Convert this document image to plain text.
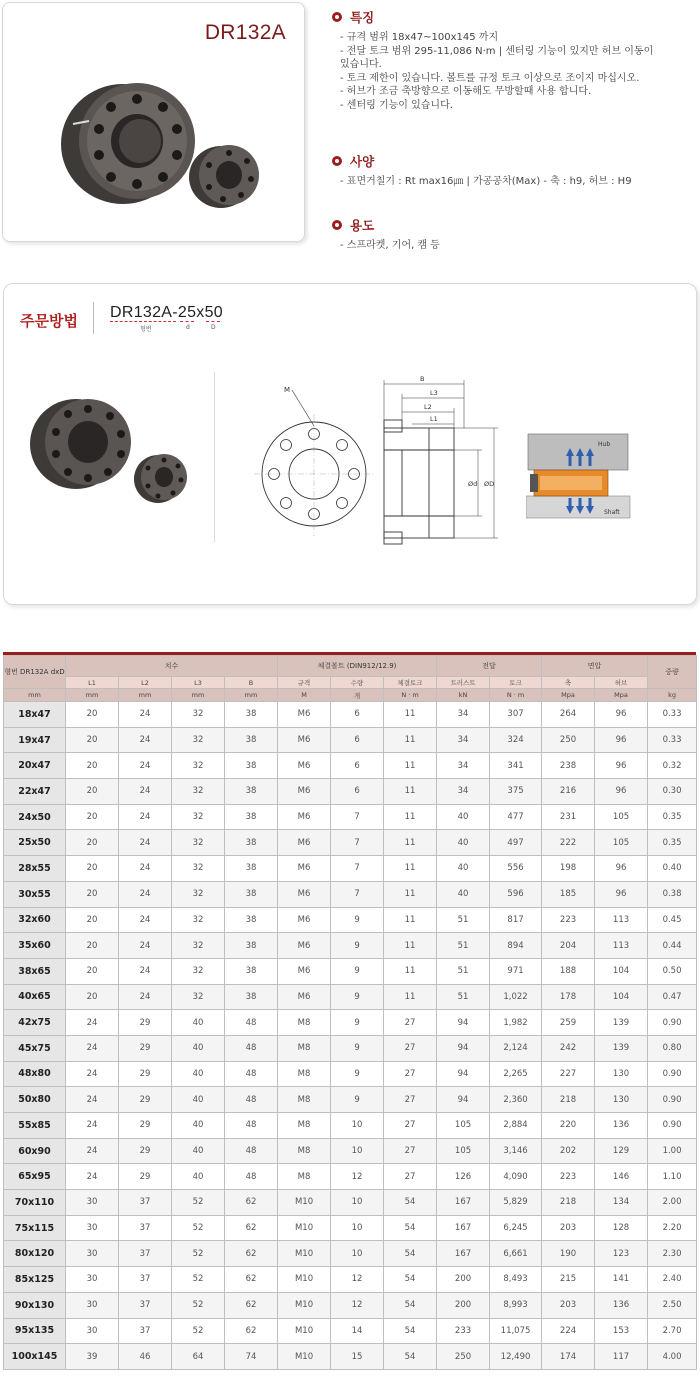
DR132A
특징
- 규격 범위 18x47~100x145 까지
- 전달 토크 범위 295-11,086 N·m | 센터링 기능이 있지만 허브 이동이
있습니다.
- 토크 제한이 있습니다. 볼트를 규정 토크 이상으로 조이지 마십시오.
- 허브가 조금 축방향으로 이동해도 무방할때 사용 합니다.
- 센터링 기능이 있습니다.
사양
- 표면거칠기 : Rt max16㎛ | 가공공차(Max) - 축 : h9, 허브 : H9
용도
- 스프라켓, 기어, 캠 등
주문방법 DR132A-25x50
형번	d	D
M
B
L3
L2
L1
Ød ØD
Hub
Shaft
형번 DR132A dxD	치수				체결볼트 (DIN912/12.9)			전달		면압		중량
	L1	L2	L3	B	규격	수량	체결토크	트러스트	토크	축	허브	
mm	mm	mm	mm	mm	M	개	N · m	kN	N · m	Mpa	Mpa	kg
18x47	20	24	32	38	M6	6	11	34	307	264	96	0.33
19x47	20	24	32	38	M6	6	11	34	324	250	96	0.33
20x47	20	24	32	38	M6	6	11	34	341	238	96	0.32
22x47	20	24	32	38	M6	6	11	34	375	216	96	0.30
24x50	20	24	32	38	M6	7	11	40	477	231	105	0.35
25x50	20	24	32	38	M6	7	11	40	497	222	105	0.35
28x55	20	24	32	38	M6	7	11	40	556	198	96	0.40
30x55	20	24	32	38	M6	7	11	40	596	185	96	0.38
32x60	20	24	32	38	M6	9	11	51	817	223	113	0.45
35x60	20	24	32	38	M6	9	11	51	894	204	113	0.44
38x65	20	24	32	38	M6	9	11	51	971	188	104	0.50
40x65	20	24	32	38	M6	9	11	51	1,022	178	104	0.47
42x75	24	29	40	48	M8	9	27	94	1,982	259	139	0.90
45x75	24	29	40	48	M8	9	27	94	2,124	242	139	0.80
48x80	24	29	40	48	M8	9	27	94	2,265	227	130	0.90
50x80	24	29	40	48	M8	9	27	94	2,360	218	130	0.90
55x85	24	29	40	48	M8	10	27	105	2,884	220	136	0.90
60x90	24	29	40	48	M8	10	27	105	3,146	202	129	1.00
65x95	24	29	40	48	M8	12	27	126	4,090	223	146	1.10
70x110	30	37	52	62	M10	10	54	167	5,829	218	134	2.00
75x115	30	37	52	62	M10	10	54	167	6,245	203	128	2.20
80x120	30	37	52	62	M10	10	54	167	6,661	190	123	2.30
85x125	30	37	52	62	M10	12	54	200	8,493	215	141	2.40
90x130	30	37	52	62	M10	12	54	200	8,993	203	136	2.50
95x135	30	37	52	62	M10	14	54	233	11,075	224	153	2.70
100x145	39	46	64	74	M10	15	54	250	12,490	174	117	4.00
